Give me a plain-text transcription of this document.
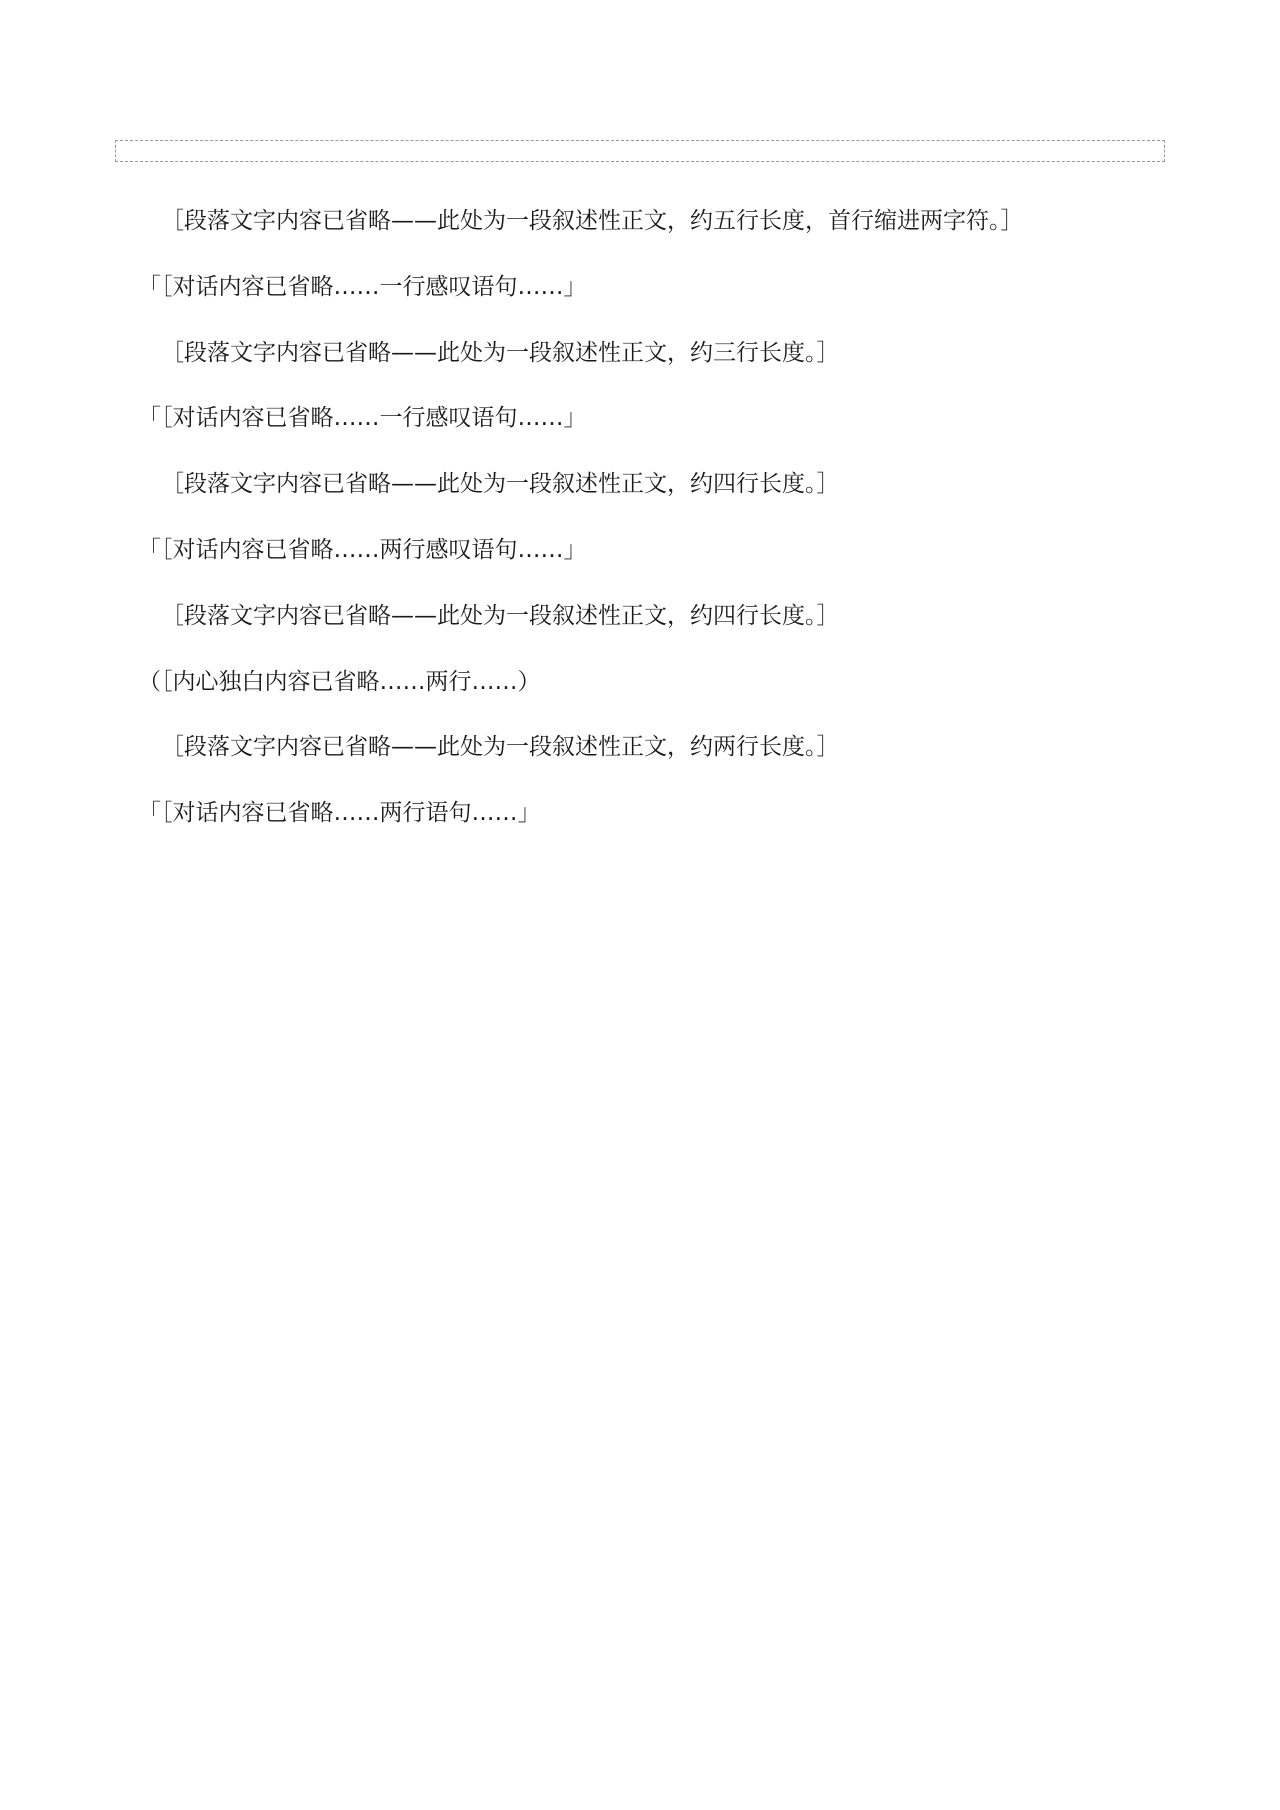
［段落文字内容已省略——此处为一段叙述性正文，约五行长度，首行缩进两字符。］

「［对话内容已省略……一行感叹语句……」

［段落文字内容已省略——此处为一段叙述性正文，约三行长度。］

「［对话内容已省略……一行感叹语句……」

［段落文字内容已省略——此处为一段叙述性正文，约四行长度。］

「［对话内容已省略……两行感叹语句……」

［段落文字内容已省略——此处为一段叙述性正文，约四行长度。］

（［内心独白内容已省略……两行……）

［段落文字内容已省略——此处为一段叙述性正文，约两行长度。］

「［对话内容已省略……两行语句……」
